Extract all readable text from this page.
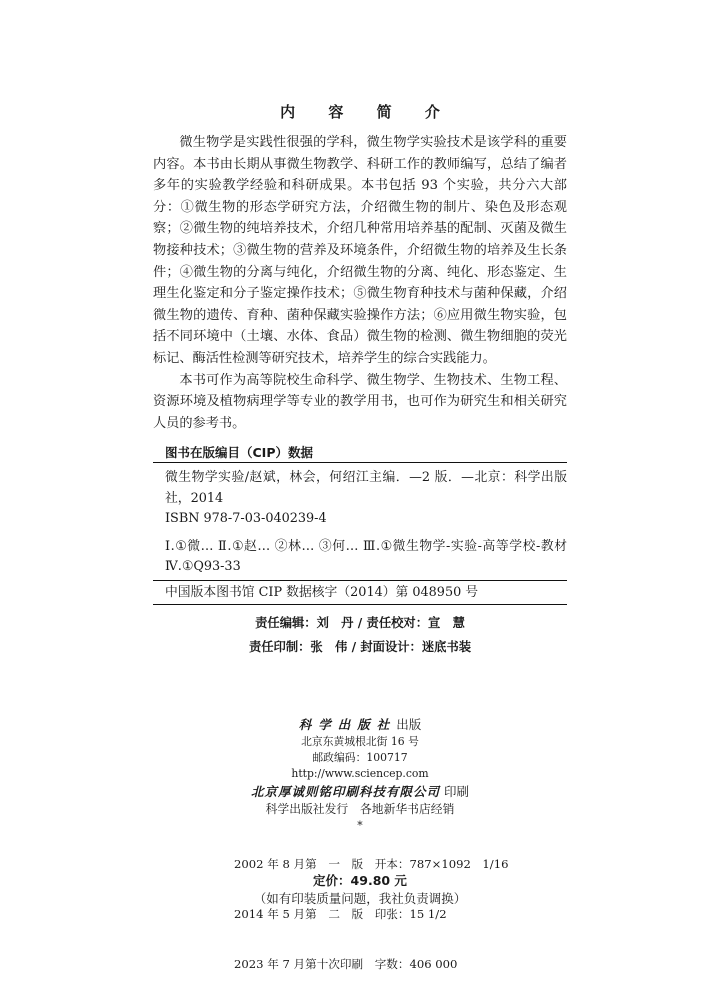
内 容 简 介

微生物学是实践性很强的学科，微生物学实验技术是该学科的重要内容。本书由长期从事微生物教学、科研工作的教师编写，总结了编者多年的实验教学经验和科研成果。本书包括 93 个实验，共分六大部分：①微生物的形态学研究方法，介绍微生物的制片、染色及形态观察；②微生物的纯培养技术，介绍几种常用培养基的配制、灭菌及微生物接种技术；③微生物的营养及环境条件，介绍微生物的培养及生长条件；④微生物的分离与纯化，介绍微生物的分离、纯化、形态鉴定、生理生化鉴定和分子鉴定操作技术；⑤微生物育种技术与菌种保藏，介绍微生物的遗传、育种、菌种保藏实验操作方法；⑥应用微生物实验，包括不同环境中（土壤、水体、食品）微生物的检测、微生物细胞的荧光标记、酶活性检测等研究技术，培养学生的综合实践能力。

本书可作为高等院校生命科学、微生物学、生物技术、生物工程、资源环境及植物病理学等专业的教学用书，也可作为研究生和相关研究人员的参考书。

图书在版编目（CIP）数据
微生物学实验/赵斌，林会，何绍江主编．—2 版．—北京：科学出版社，2014
ISBN 978-7-03-040239-4
Ⅰ.①微… Ⅱ.①赵… ②林… ③何… Ⅲ.①微生物学-实验-高等学校-教材 Ⅳ.①Q93-33
中国版本图书馆 CIP 数据核字（2014）第 048950 号
责任编辑：刘　丹 / 责任校对：宣　慧
责任印制：张　伟 / 封面设计：迷底书装
科学出版社出版
北京东黄城根北街 16 号
邮政编码：100717
http://www.sciencep.com
北京厚诚则铭印刷科技有限公司 印刷
科学出版社发行　各地新华书店经销
*

2002 年 8 月第　一　版　开本：787×1092　1/16

2014 年 5 月第　二　版　印张：15 1/2

2023 年 7 月第十次印刷　字数：406 000

定价：49.80 元
（如有印装质量问题，我社负责调换）
